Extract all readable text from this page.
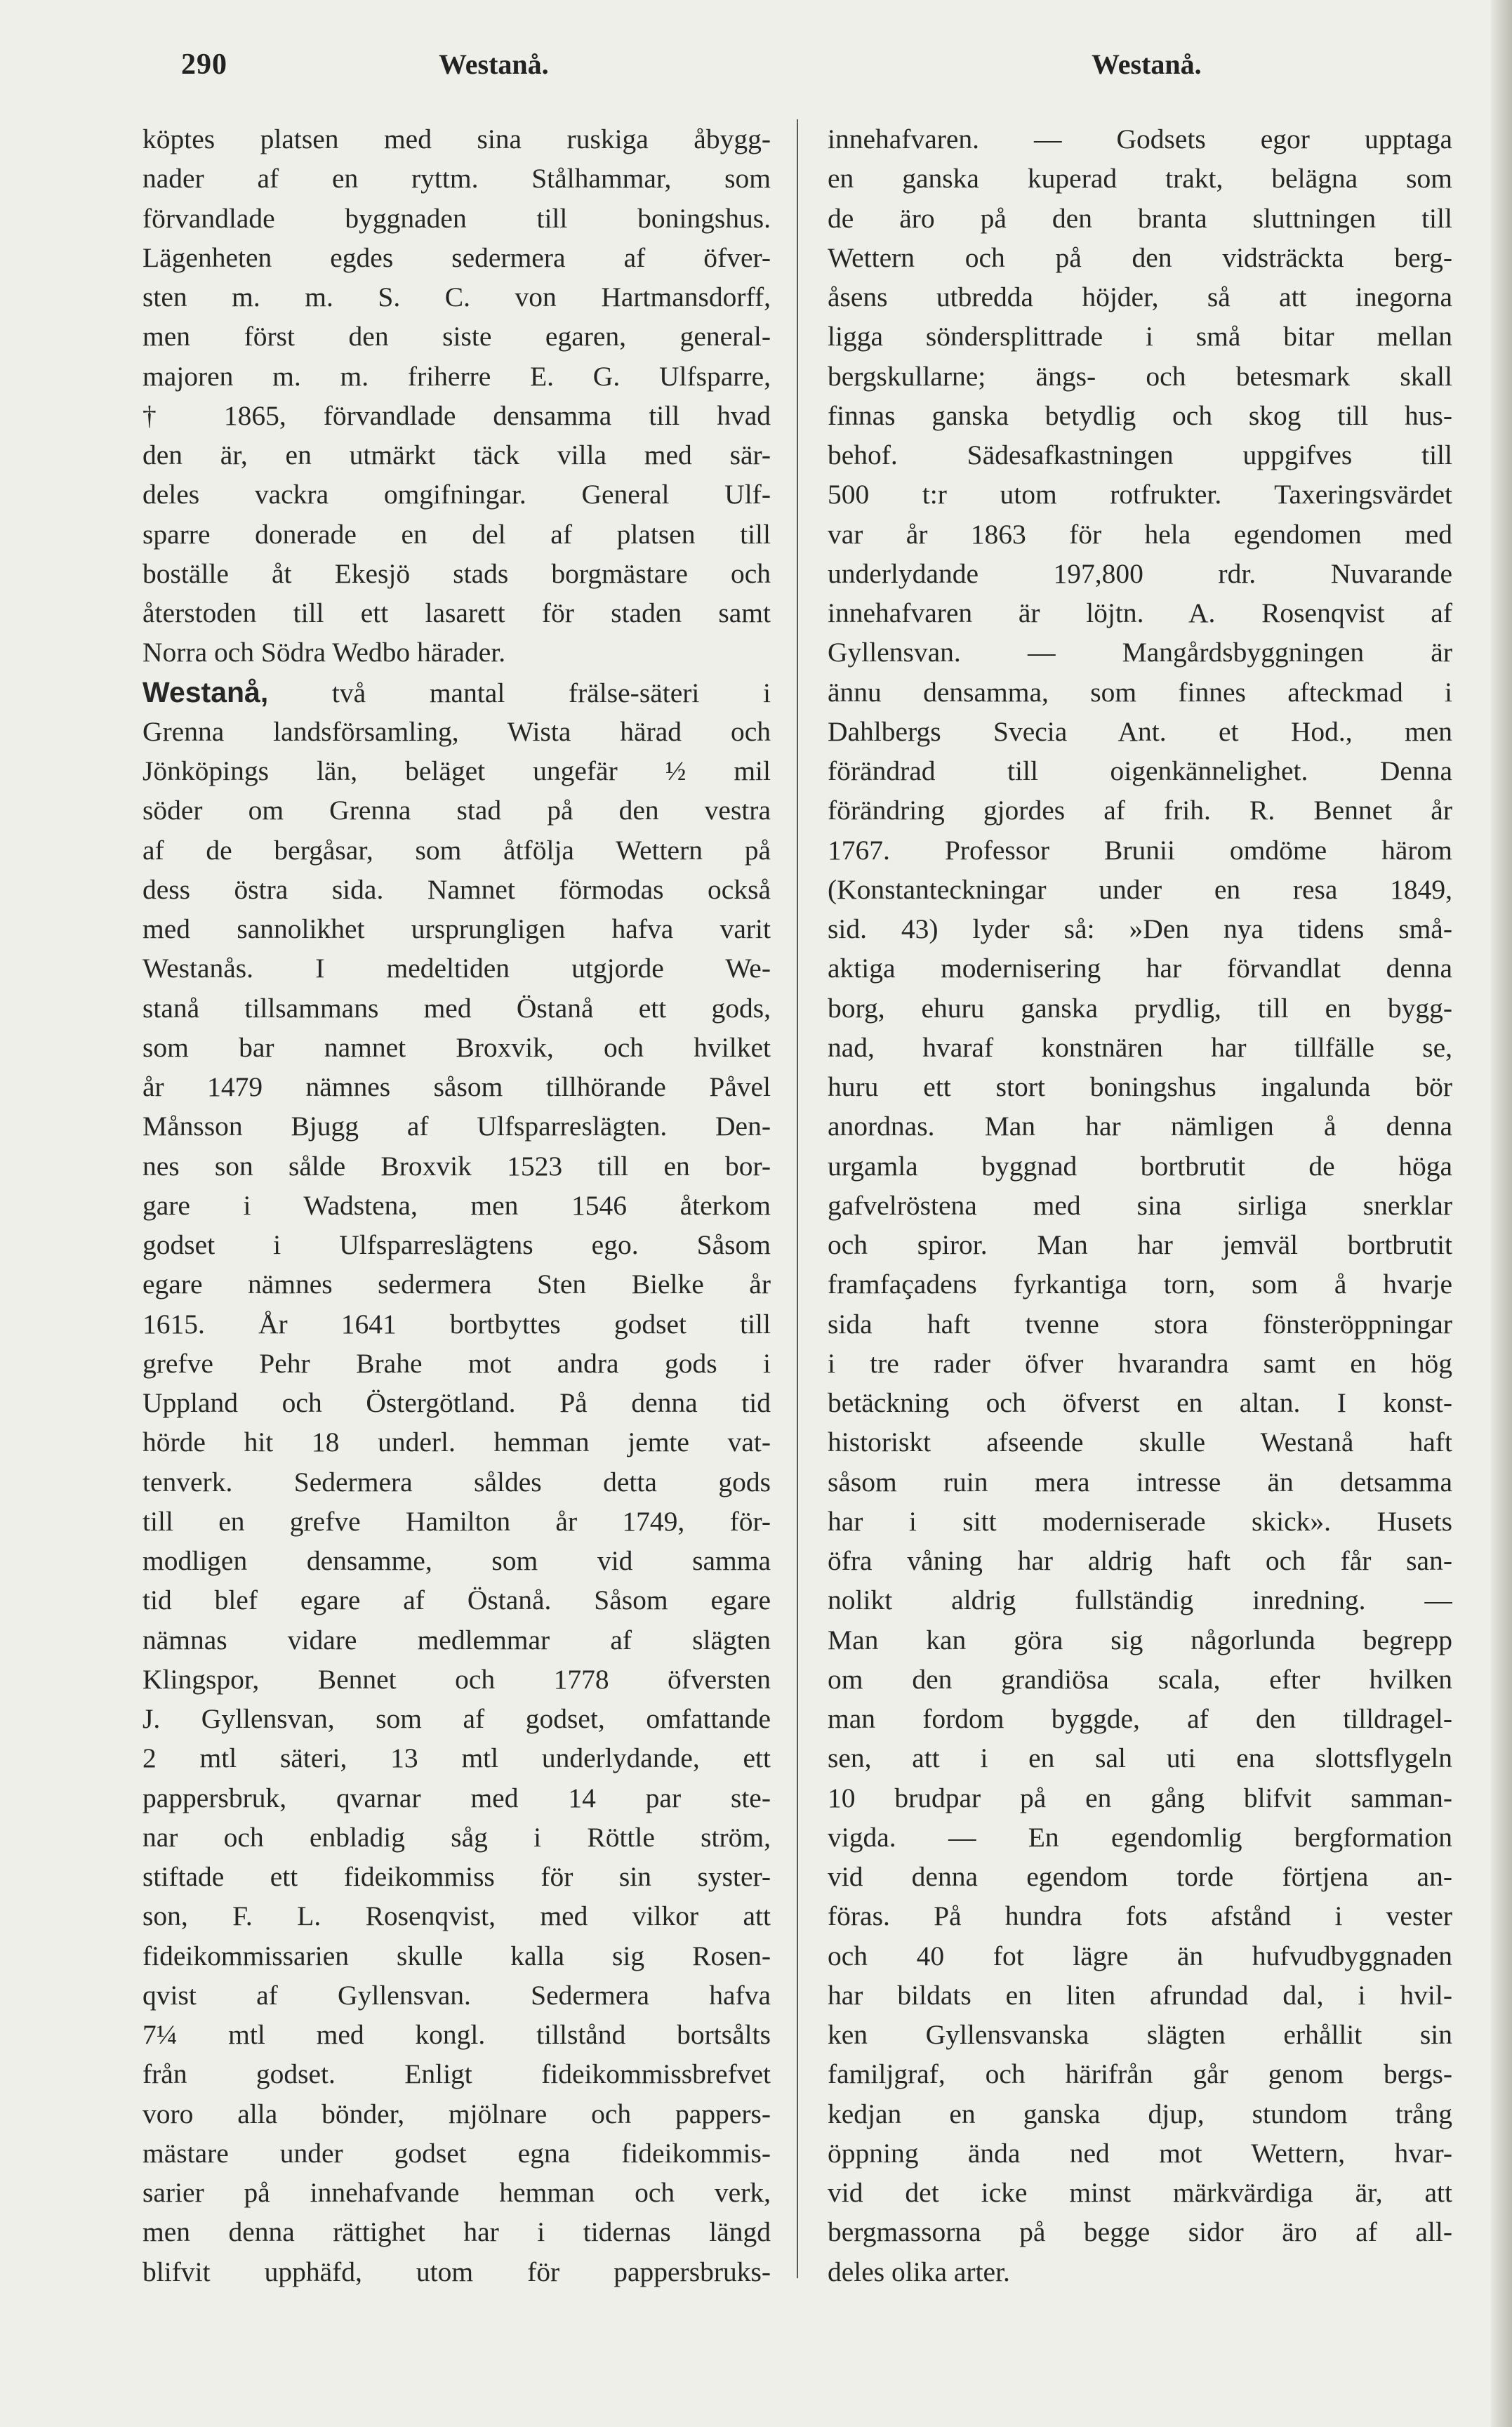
290	Westanå.	Westanå.
köptes platsen med sina ruskiga åbygg-
nader af en ryttm. Stålhammar, som
förvandlade byggnaden till boningshus.
Lägenheten egdes sedermera af öfver-
sten m. m. S. C. von Hartmansdorff,
men först den siste egaren, general-
majoren m. m. friherre E. G. Ulfsparre,
† 1865, förvandlade densamma till hvad
den är, en utmärkt täck villa med sär-
deles vackra omgifningar. General Ulf-
sparre donerade en del af platsen till
boställe åt Ekesjö stads borgmästare och
återstoden till ett lasarett för staden samt
Norra och Södra Wedbo härader.
Westanå, två mantal frälse-säteri i
Grenna landsförsamling, Wista härad och
Jönköpings län, beläget ungefär ½ mil
söder om Grenna stad på den vestra
af de bergåsar, som åtfölja Wettern på
dess östra sida. Namnet förmodas också
med sannolikhet ursprungligen hafva varit
Westanås. I medeltiden utgjorde We-
stanå tillsammans med Östanå ett gods,
som bar namnet Broxvik, och hvilket
år 1479 nämnes såsom tillhörande Påvel
Månsson Bjugg af Ulfsparreslägten. Den-
nes son sålde Broxvik 1523 till en bor-
gare i Wadstena, men 1546 återkom
godset i Ulfsparreslägtens ego. Såsom
egare nämnes sedermera Sten Bielke år
1615. År 1641 bortbyttes godset till
grefve Pehr Brahe mot andra gods i
Uppland och Östergötland. På denna tid
hörde hit 18 underl. hemman jemte vat-
tenverk. Sedermera såldes detta gods
till en grefve Hamilton år 1749, för-
modligen densamme, som vid samma
tid blef egare af Östanå. Såsom egare
nämnas vidare medlemmar af slägten
Klingspor, Bennet och 1778 öfversten
J. Gyllensvan, som af godset, omfattande
2 mtl säteri, 13 mtl underlydande, ett
pappersbruk, qvarnar med 14 par ste-
nar och enbladig såg i Röttle ström,
stiftade ett fideikommiss för sin syster-
son, F. L. Rosenqvist, med vilkor att
fideikommissarien skulle kalla sig Rosen-
qvist af Gyllensvan. Sedermera hafva
7¼ mtl med kongl. tillstånd bortsålts
från godset. Enligt fideikommissbrefvet
voro alla bönder, mjölnare och pappers-
mästare under godset egna fideikommis-
sarier på innehafvande hemman och verk,
men denna rättighet har i tidernas längd
blifvit upphäfd, utom för pappersbruks-
innehafvaren. — Godsets egor upptaga
en ganska kuperad trakt, belägna som
de äro på den branta sluttningen till
Wettern och på den vidsträckta berg-
åsens utbredda höjder, så att inegorna
ligga söndersplittrade i små bitar mellan
bergskullarne; ängs- och betesmark skall
finnas ganska betydlig och skog till hus-
behof. Sädesafkastningen uppgifves till
500 t:r utom rotfrukter. Taxeringsvärdet
var år 1863 för hela egendomen med
underlydande 197,800 rdr. Nuvarande
innehafvaren är löjtn. A. Rosenqvist af
Gyllensvan. — Mangårdsbyggningen är
ännu densamma, som finnes afteckmad i
Dahlbergs Svecia Ant. et Hod., men
förändrad till oigenkännelighet. Denna
förändring gjordes af frih. R. Bennet år
1767. Professor Brunii omdöme härom
(Konstanteckningar under en resa 1849,
sid. 43) lyder så: »Den nya tidens små-
aktiga modernisering har förvandlat denna
borg, ehuru ganska prydlig, till en bygg-
nad, hvaraf konstnären har tillfälle se,
huru ett stort boningshus ingalunda bör
anordnas. Man har nämligen å denna
urgamla byggnad bortbrutit de höga
gafvelröstena med sina sirliga snerklar
och spiror. Man har jemväl bortbrutit
framfaçadens fyrkantiga torn, som å hvarje
sida haft tvenne stora fönsteröppningar
i tre rader öfver hvarandra samt en hög
betäckning och öfverst en altan. I konst-
historiskt afseende skulle Westanå haft
såsom ruin mera intresse än detsamma
har i sitt moderniserade skick». Husets
öfra våning har aldrig haft och får san-
nolikt aldrig fullständig inredning. —
Man kan göra sig någorlunda begrepp
om den grandiösa scala, efter hvilken
man fordom byggde, af den tilldragel-
sen, att i en sal uti ena slottsflygeln
10 brudpar på en gång blifvit samman-
vigda. — En egendomlig bergformation
vid denna egendom torde förtjena an-
föras. På hundra fots afstånd i vester
och 40 fot lägre än hufvudbyggnaden
har bildats en liten afrundad dal, i hvil-
ken Gyllensvanska slägten erhållit sin
familjgraf, och härifrån går genom bergs-
kedjan en ganska djup, stundom trång
öppning ända ned mot Wettern, hvar-
vid det icke minst märkvärdiga är, att
bergmassorna på begge sidor äro af all-
deles olika arter.
